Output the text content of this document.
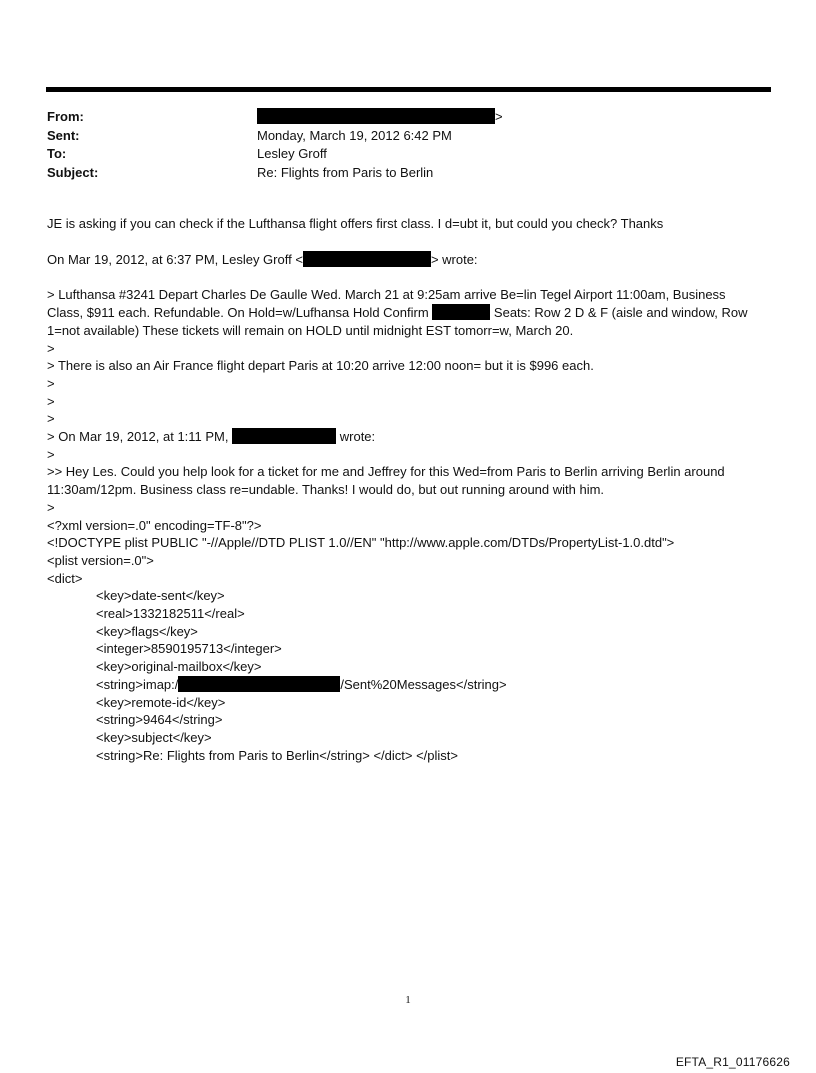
From:	>
Sent:	Monday, March 19, 2012 6:42 PM
To:	Lesley Groff
Subject:	Re: Flights from Paris to Berlin
JE is asking if you can check if the Lufthansa flight offers first class. I d=ubt it, but could you check? Thanks
On Mar 19, 2012, at 6:37 PM, Lesley Groff <	> wrote:
> Lufthansa #3241 Depart Charles De Gaulle Wed. March 21 at 9:25am arrive Be=lin Tegel Airport 11:00am, Business
Class, $911 each. Refundable. On Hold=w/Lufhansa Hold Confirm	Seats: Row 2 D & F (aisle and window, Row
1=not available) These tickets will remain on HOLD until midnight EST tomorr=w, March 20.
>
> There is also an Air France flight depart Paris at 10:20 arrive 12:00 noon= but it is $996 each.
>
>
>
> On Mar 19, 2012, at 1:11 PM,	wrote:
>
>> Hey Les. Could you help look for a ticket for me and Jeffrey for this Wed=from Paris to Berlin arriving Berlin around
11:30am/12pm. Business class re=undable. Thanks! I would do, but out running around with him.
>
<?xml version=.0" encoding=TF-8"?>
<!DOCTYPE plist PUBLIC "-//Apple//DTD PLIST 1.0//EN" "http://www.apple.com/DTDs/PropertyList-1.0.dtd">
<plist version=.0">
<dict>
<key>date-sent</key>
<real>1332182511</real>
<key>flags</key>
<integer>8590195713</integer>
<key>original-mailbox</key>
<string>imap:/	/Sent%20Messages</string>
<key>remote-id</key>
<string>9464</string>
<key>subject</key>
<string>Re: Flights from Paris to Berlin</string> </dict> </plist>
1
EFTA_R1_01176626
